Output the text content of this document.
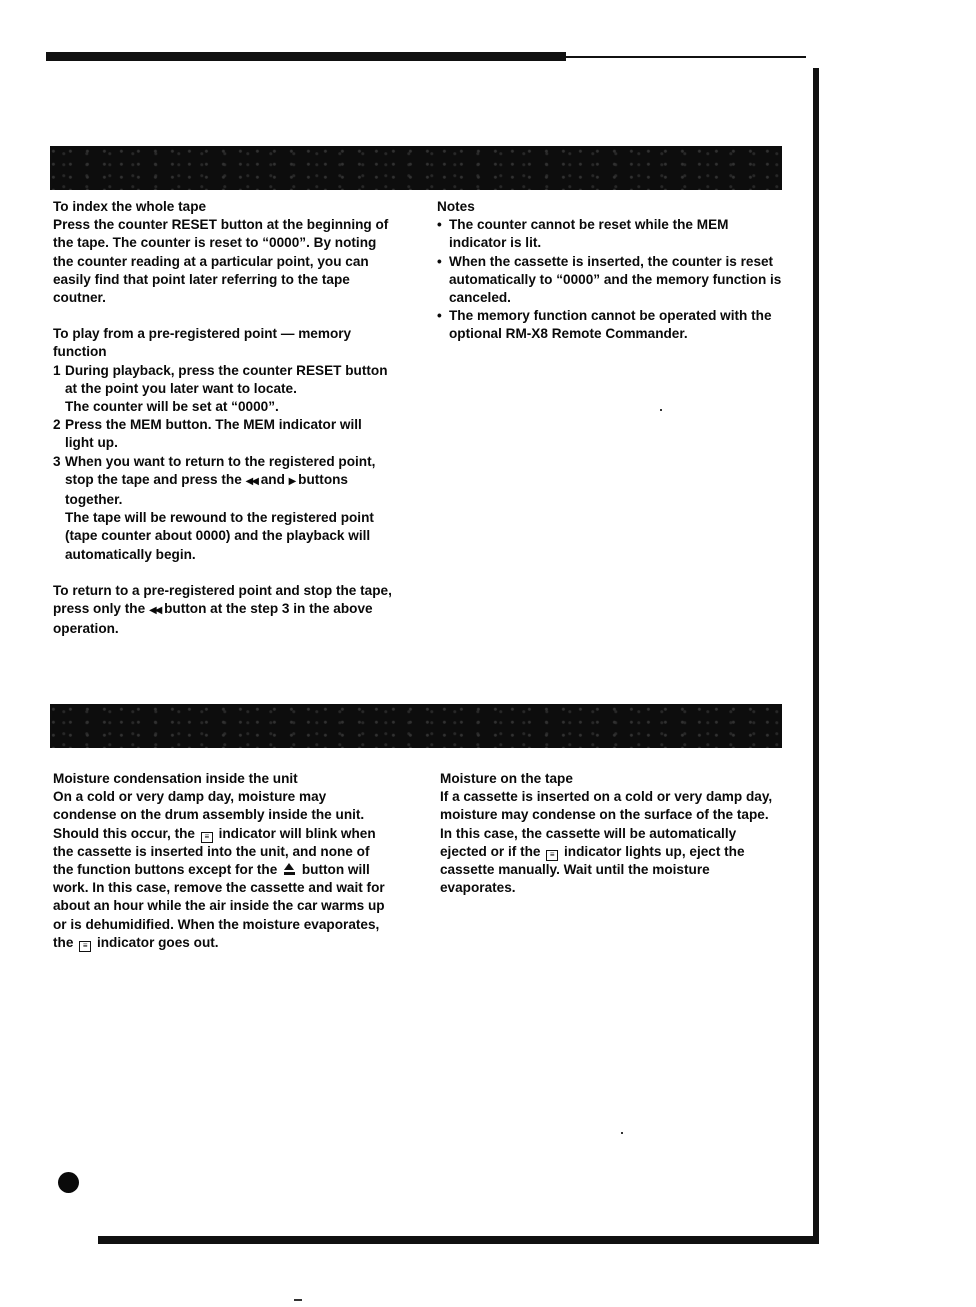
To index the whole tape

Press the counter RESET button at the beginning of the tape. The counter is reset to “0000”. By noting the counter reading at a particular point, you can easily find that point later referring to the tape coutner.

To play from a pre-registered point — memory function

1 During playback, press the counter RESET button at the point you later want to locate.
The counter will be set at “0000”.
2 Press the MEM button. The MEM indicator will light up.
3 When you want to return to the registered point, stop the tape and press the ◀◀ and ▶ buttons together.
The tape will be rewound to the registered point (tape counter about 0000) and the playback will automatically begin.

To return to a pre-registered point and stop the tape, press only the ◀◀ button at the step 3 in the above operation.

Notes

• The counter cannot be reset while the MEM indicator is lit.
• When the cassette is inserted, the counter is reset automatically to “0000” and the memory function is canceled.
• The memory function cannot be operated with the optional RM-X8 Remote Commander.

Moisture condensation inside the unit

On a cold or very damp day, moisture may condense on the drum assembly inside the unit.

Should this occur, the ≡ indicator will blink when the cassette is inserted into the unit, and none of the function buttons except for the button will work. In this case, remove the cassette and wait for about an hour while the air inside the car warms up or is dehumidified. When the moisture evaporates, the ≡ indicator goes out.

Moisture on the tape

If a cassette is inserted on a cold or very damp day, moisture may condense on the surface of the tape.

In this case, the cassette will be automatically ejected or if the ≡ indicator lights up, eject the cassette manually. Wait until the moisture evaporates.
